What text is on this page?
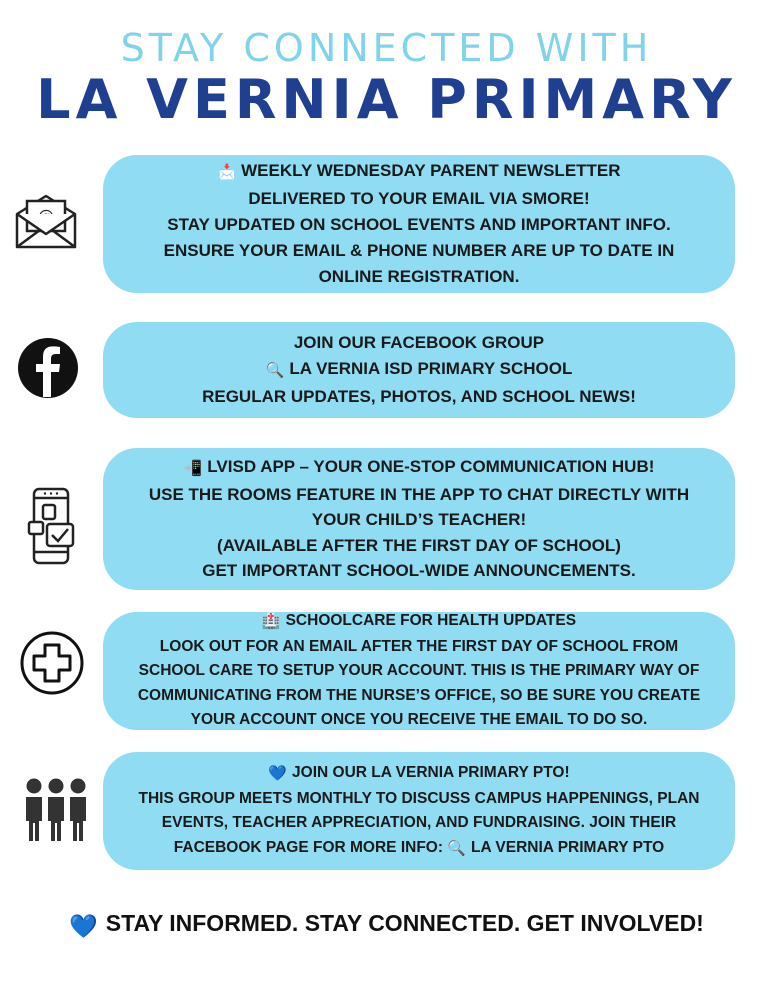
STAY CONNECTED WITH
LA VERNIA PRIMARY
📩 WEEKLY WEDNESDAY PARENT NEWSLETTER
DELIVERED TO YOUR EMAIL VIA SMORE!
STAY UPDATED ON SCHOOL EVENTS AND IMPORTANT INFO.
ENSURE YOUR EMAIL & PHONE NUMBER ARE UP TO DATE IN
ONLINE REGISTRATION.
JOIN OUR FACEBOOK GROUP
🔍 LA VERNIA ISD PRIMARY SCHOOL
REGULAR UPDATES, PHOTOS, AND SCHOOL NEWS!
📲 LVISD APP – YOUR ONE-STOP COMMUNICATION HUB!
USE THE ROOMS FEATURE IN THE APP TO CHAT DIRECTLY WITH
YOUR CHILD’S TEACHER!
(AVAILABLE AFTER THE FIRST DAY OF SCHOOL)
GET IMPORTANT SCHOOL-WIDE ANNOUNCEMENTS.
🏥 SCHOOLCARE FOR HEALTH UPDATES
LOOK OUT FOR AN EMAIL AFTER THE FIRST DAY OF SCHOOL FROM
SCHOOL CARE TO SETUP YOUR ACCOUNT. THIS IS THE PRIMARY WAY OF
COMMUNICATING FROM THE NURSE’S OFFICE, SO BE SURE YOU CREATE
YOUR ACCOUNT ONCE YOU RECEIVE THE EMAIL TO DO SO.
💙 JOIN OUR LA VERNIA PRIMARY PTO!
THIS GROUP MEETS MONTHLY TO DISCUSS CAMPUS HAPPENINGS, PLAN
EVENTS, TEACHER APPRECIATION, AND FUNDRAISING. JOIN THEIR
FACEBOOK PAGE FOR MORE INFO: 🔍 LA VERNIA PRIMARY PTO
💙 STAY INFORMED. STAY CONNECTED. GET INVOLVED!
